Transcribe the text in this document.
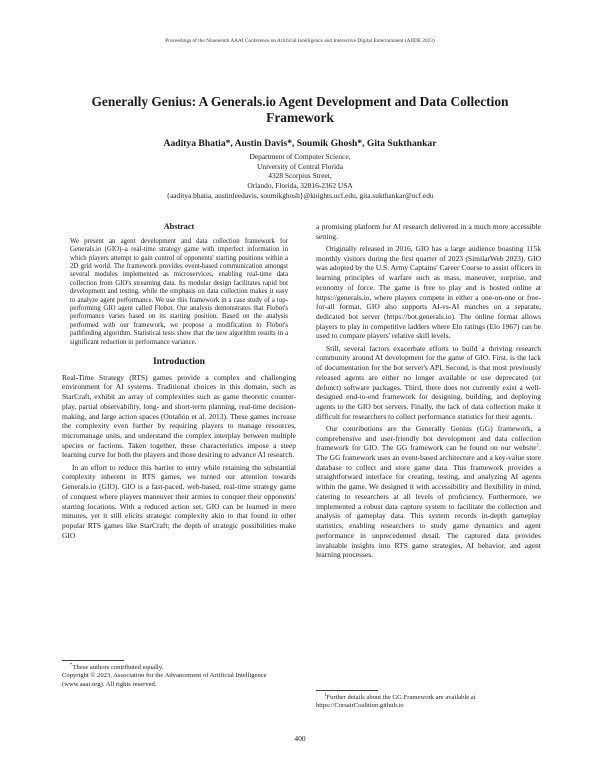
Proceedings of the Nineteenth AAAI Conference on Artificial Intelligence and Interactive Digital Entertainment (AIIDE 2023)
Generally Genius: A Generals.io Agent Development and Data Collection Framework
Aaditya Bhatia*, Austin Davis*, Soumik Ghosh*, Gita Sukthankar
Department of Computer Science,
University of Central Florida
4328 Scorpius Street,
Orlando, Florida, 32816-2362 USA
{aaditya.bhatia, austinleedavis, soumikghosh}@knights.ucf.edu, gita.sukthankar@ucf.edu
Abstract

We present an agent development and data collection framework for Generals.io (GIO)–a real-time strategy game with imperfect information in which players attempt to gain control of opponents' starting positions within a 2D grid world. The framework provides event-based communication amongst several modules implemented as microservices, enabling real-time data collection from GIO's streaming data. Its modular design facilitates rapid bot development and testing, while the emphasis on data collection makes it easy to analyze agent performance. We use this framework in a case study of a top-performing GIO agent called Flobot. Our analysis demonstrates that Flobot's performance varies based on its starting position. Based on the analysis performed with our framework, we propose a modification to Flobot's pathfinding algorithm. Statistical tests show that the new algorithm results in a significant reduction in performance variance.

Introduction

Real-Time Strategy (RTS) games provide a complex and challenging environment for AI systems. Traditional choices in this domain, such as StarCraft, exhibit an array of complexities such as game theoretic counter-play, partial observability, long- and short-term planning, real-time decision-making, and large action spaces (Ontañón et al. 2013). These games increase the complexity even further by requiring players to manage resources, micromanage units, and understand the complex interplay between multiple species or factions. Taken together, these characteristics impose a steep learning curve for both the players and those desiring to advance AI research.

In an effort to reduce this barrier to entry while retaining the substantial complexity inherent in RTS games, we turned our attention towards Generals.io (GIO). GIO is a fast-paced, web-based, real-time strategy game of conquest where players maneuver their armies to conquer their opponents' starting locations. With a reduced action set, GIO can be learned in mere minutes, yet it still elicits strategic complexity akin to that found in other popular RTS games like StarCraft; the depth of strategic possibilities make GIO

a promising platform for AI research delivered in a much more accessible setting.

Originally released in 2016, GIO has a large audience boasting 115k monthly visitors during the first quarter of 2023 (SimilarWeb 2023). GIO was adopted by the U.S. Army Captains' Career Course to assist officers in learning principles of warfare such as mass, maneuver, surprise, and economy of force. The game is free to play and is hosted online at https://generals.io, where players compete in either a one-on-one or free-for-all format. GIO also supports AI-vs-AI matches on a separate, dedicated bot server (https://bot.generals.io). The online format allows players to play in competitive ladders where Elo ratings (Elo 1967) can be used to compare players' relative skill levels.

Still, several factors exacerbate efforts to build a thriving research community around AI development for the game of GIO. First, is the lack of documentation for the bot server's API. Second, is that most previously released agents are either no longer available or use deprecated (or defunct) software packages. Third, there does not currently exist a well-designed end-to-end framework for designing, building, and deploying agents to the GIO bot servers. Finally, the lack of data collection make it difficult for researchers to collect performance statistics for their agents.

Our contributions are the Generally Genius (GG) framework, a comprehensive and user-friendly bot development and data collection framework for GIO. The GG framework can be found on our website$^1$. The GG framework uses an event-based architecture and a key-value store database to collect and store game data. This framework provides a straightforward interface for creating, testing, and analyzing AI agents within the game. We designed it with accessibility and flexibility in mind, catering to researchers at all levels of proficiency. Furthermore, we implemented a robust data capture system to facilitate the collection and analysis of gameplay data. This system records in-depth gameplay statistics, enabling researchers to study game dynamics and agent performance in unprecedented detail. The captured data provides invaluable insights into RTS game strategies, AI behavior, and agent learning processes.

*These authors contributed equally.
Copyright © 2023, Association for the Advancement of Artificial Intelligence (www.aaai.org). All rights reserved.
$^1$Further details about the GG Framework are available at https://CorsairCoalition.github.io
400
